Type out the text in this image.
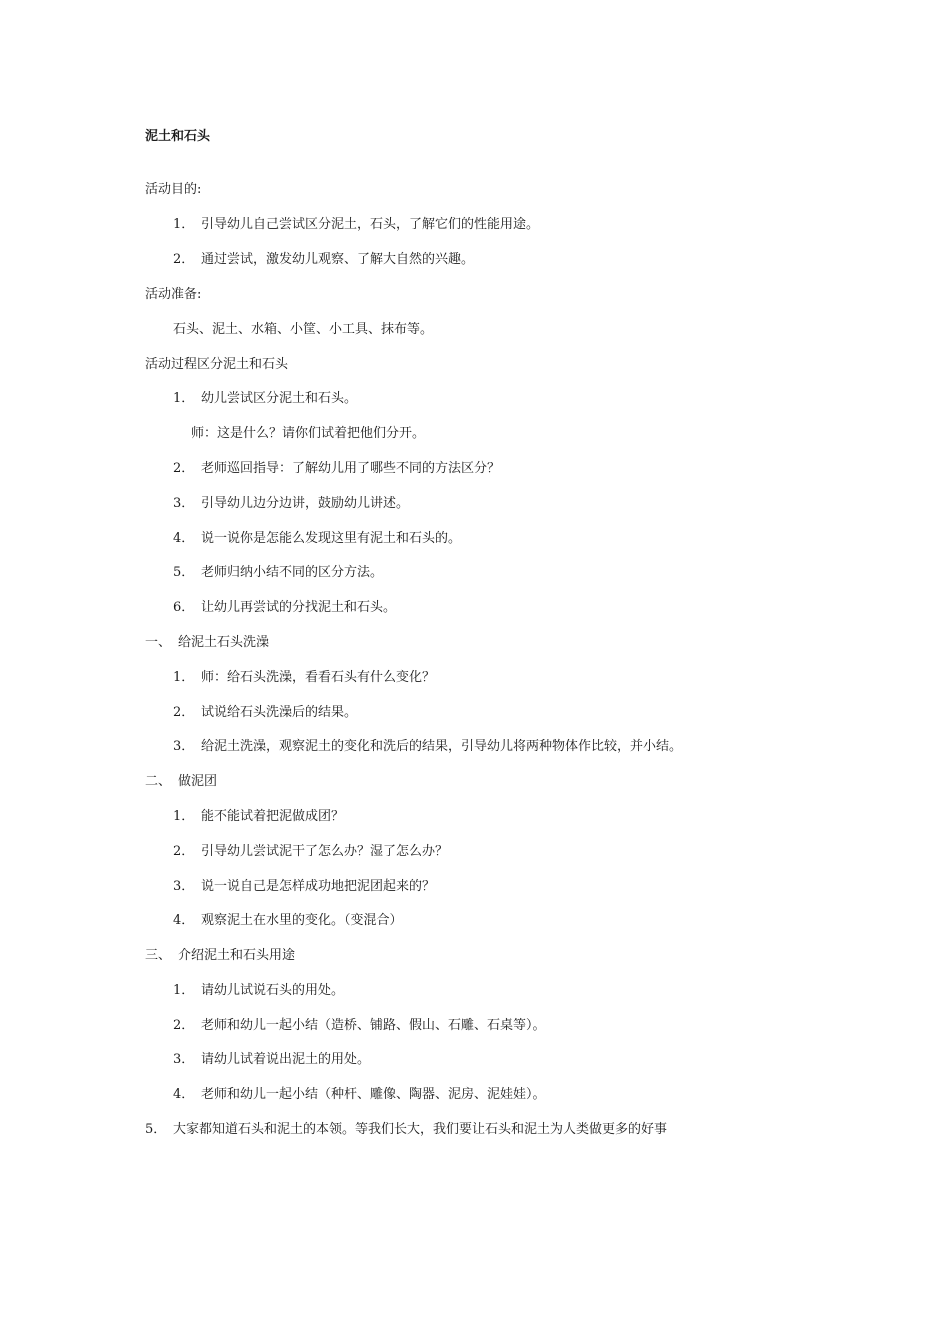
泥土和石头
活动目的:
1． 引导幼儿自己尝试区分泥土，石头，了解它们的性能用途。
2． 通过尝试，激发幼儿观察、了解大自然的兴趣。
活动准备:
石头、泥土、水箱、小筐、小工具、抹布等。
活动过程区分泥土和石头
1． 幼儿尝试区分泥土和石头。
师：这是什么？请你们试着把他们分开。
2． 老师巡回指导：了解幼儿用了哪些不同的方法区分？
3． 引导幼儿边分边讲，鼓励幼儿讲述。
4． 说一说你是怎能么发现这里有泥土和石头的。
5． 老师归纳小结不同的区分方法。
6． 让幼儿再尝试的分找泥土和石头。
一、 给泥土石头洗澡
1． 师：给石头洗澡，看看石头有什么变化？
2． 试说给石头洗澡后的结果。
3． 给泥土洗澡，观察泥土的变化和洗后的结果，引导幼儿将两种物体作比较，并小结。
二、 做泥团
1． 能不能试着把泥做成团？
2． 引导幼儿尝试泥干了怎么办？湿了怎么办？
3． 说一说自己是怎样成功地把泥团起来的？
4． 观察泥土在水里的变化。（变混合）
三、 介绍泥土和石头用途
1． 请幼儿试说石头的用处。
2． 老师和幼儿一起小结（造桥、铺路、假山、石雕、石桌等）。
3． 请幼儿试着说出泥土的用处。
4． 老师和幼儿一起小结（种杆、雕像、陶器、泥房、泥娃娃）。
5． 大家都知道石头和泥土的本领。等我们长大，我们要让石头和泥土为人类做更多的好事
